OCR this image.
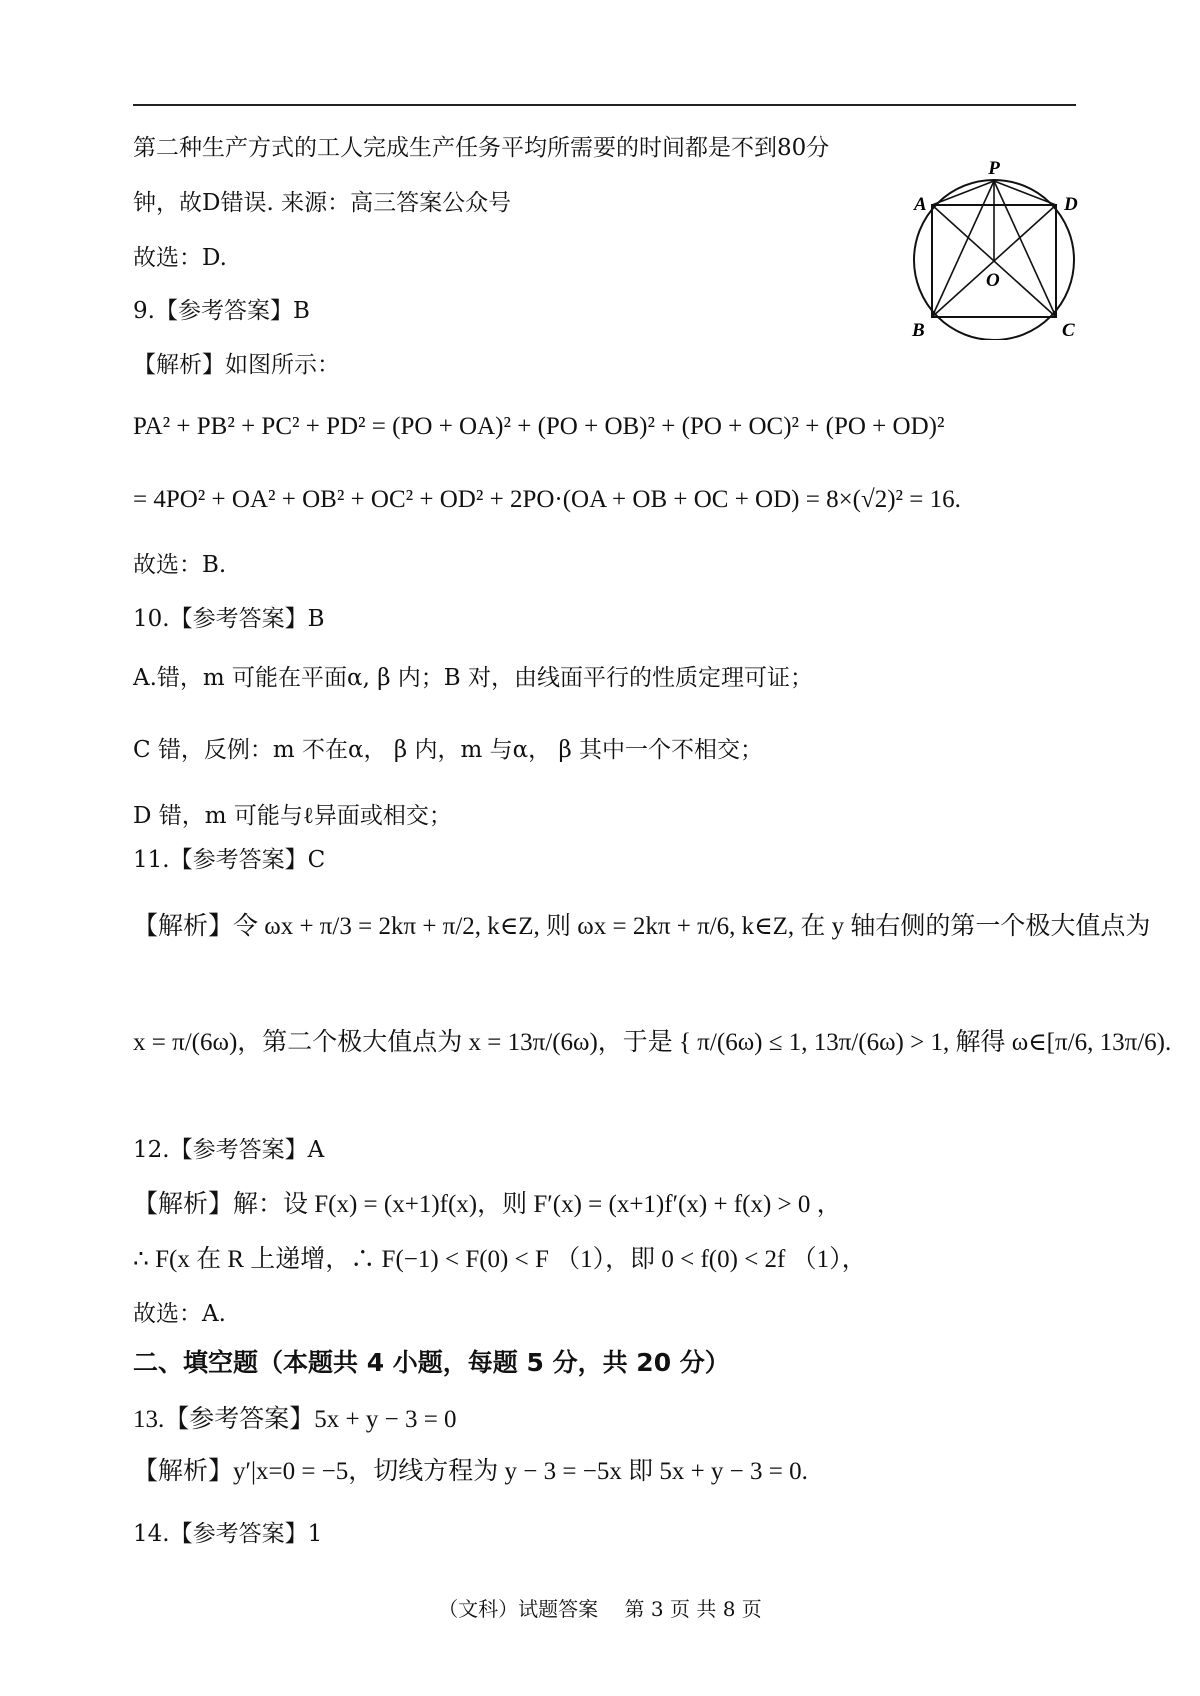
第二种生产方式的工人完成生产任务平均所需要的时间都是不到80分
钟，故D错误. 来源：高三答案公众号
故选：D.
9.【参考答案】B
【解析】如图所示：
PA² + PB² + PC² + PD² = (PO + OA)² + (PO + OB)² + (PO + OC)² + (PO + OD)²
= 4PO² + OA² + OB² + OC² + OD² + 2PO·(OA + OB + OC + OD) = 8×(√2)² = 16.
故选：B.
10.【参考答案】B
A.错，m 可能在平面α, β 内；B 对，由线面平行的性质定理可证；
C 错，反例：m 不在α， β 内，m 与α， β 其中一个不相交；
D 错，m 可能与ℓ异面或相交；
11.【参考答案】C
【解析】令 ωx + π/3 = 2kπ + π/2, k∈Z, 则 ωx = 2kπ + π/6, k∈Z, 在 y 轴右侧的第一个极大值点为
x = π/(6ω)，第二个极大值点为 x = 13π/(6ω)，于是 { π/(6ω) ≤ 1, 13π/(6ω) > 1, 解得 ω∈[π/6, 13π/6).
12.【参考答案】A
【解析】解：设 F(x) = (x+1)f(x)，则 F′(x) = (x+1)f′(x) + f(x) > 0 ，
∴ F(x 在 R 上递增，∴ F(−1) < F(0) < F （1），即 0 < f(0) < 2f （1），
故选：A.
二、填空题（本题共 4 小题，每题 5 分，共 20 分）
13.【参考答案】5x + y − 3 = 0
【解析】y′|x=0 = −5，切线方程为 y − 3 = −5x 即 5x + y − 3 = 0.
14.【参考答案】1
P
A	D
O
B	C
（文科）试题答案 第 3 页 共 8 页
